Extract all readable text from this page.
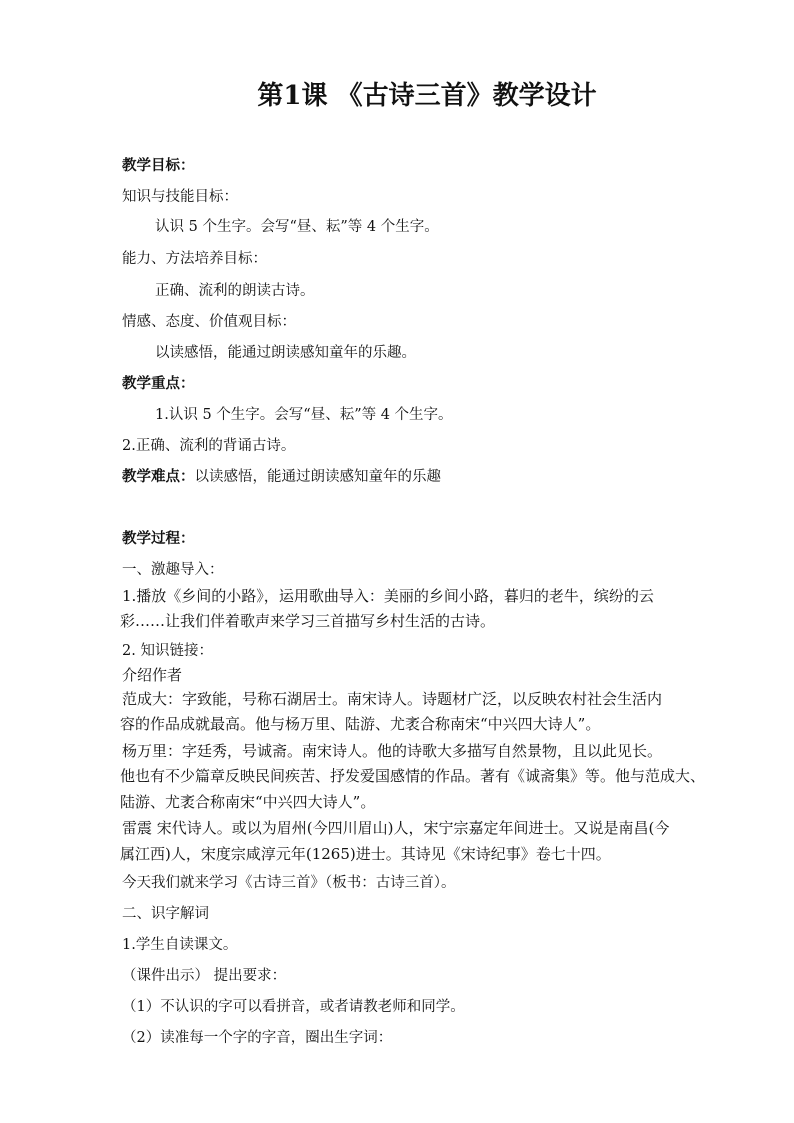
第1课 《古诗三首》教学设计
教学目标：
知识与技能目标：
认识 5 个生字。会写“昼、耘”等 4 个生字。
能力、方法培养目标：
正确、流利的朗读古诗。
情感、态度、价值观目标：
以读感悟，能通过朗读感知童年的乐趣。
教学重点：
1.认识 5 个生字。会写“昼、耘”等 4 个生字。
2.正确、流利的背诵古诗。
教学难点：以读感悟，能通过朗读感知童年的乐趣
教学过程：
一、激趣导入：
1.播放《乡间的小路》，运用歌曲导入：美丽的乡间小路，暮归的老牛，缤纷的云
彩……让我们伴着歌声来学习三首描写乡村生活的古诗。
2. 知识链接：
介绍作者
范成大：字致能，号称石湖居士。南宋诗人。诗题材广泛，以反映农村社会生活内
容的作品成就最高。他与杨万里、陆游、尤袤合称南宋“中兴四大诗人”。
杨万里：字廷秀，号诚斋。南宋诗人。他的诗歌大多描写自然景物，且以此见长。
他也有不少篇章反映民间疾苦、抒发爱国感情的作品。著有《诚斋集》等。他与范成大、
陆游、尤袤合称南宋“中兴四大诗人”。
雷震 宋代诗人。或以为眉州(今四川眉山)人，宋宁宗嘉定年间进士。又说是南昌(今
属江西)人，宋度宗咸淳元年(1265)进士。其诗见《宋诗纪事》卷七十四。
今天我们就来学习《古诗三首》（板书：古诗三首）。
二、识字解词
1.学生自读课文。
（课件出示） 提出要求：
（1）不认识的字可以看拼音，或者请教老师和同学。
（2）读准每一个字的字音，圈出生字词：
